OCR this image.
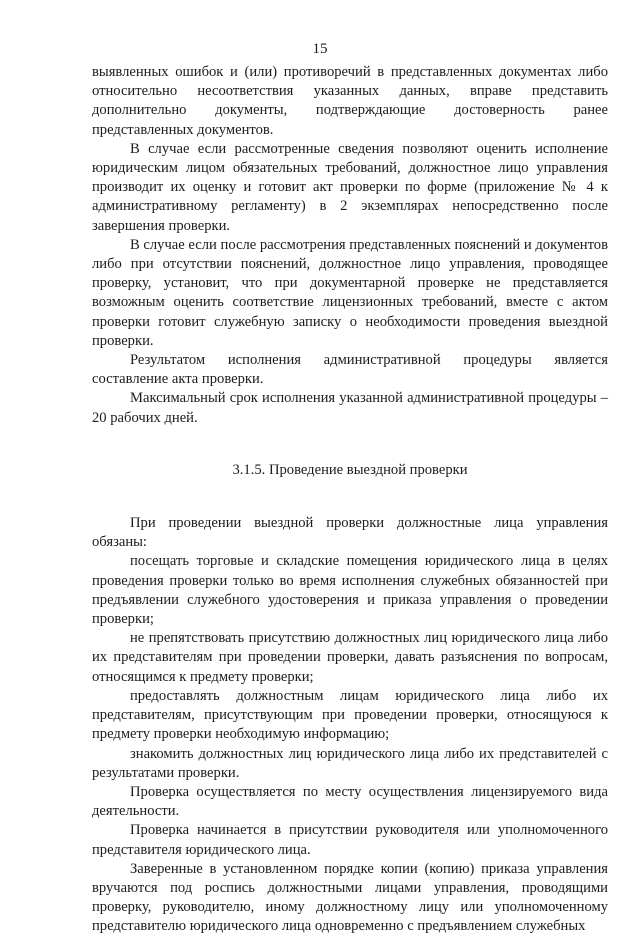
15

выявленных ошибок и (или) противоречий в представленных документах либо относительно несоответствия указанных данных, вправе представить дополнительно документы, подтверждающие достоверность ранее представленных документов.

В случае если рассмотренные сведения позволяют оценить исполнение юридическим лицом обязательных требований, должностное лицо управления производит их оценку и готовит акт проверки по форме (приложение № 4 к административному регламенту) в 2 экземплярах непосредственно после завершения проверки.

В случае если после рассмотрения представленных пояснений и документов либо при отсутствии пояснений, должностное лицо управления, проводящее проверку, установит, что при документарной проверке не представляется возможным оценить соответствие лицензионных требований, вместе с актом проверки готовит служебную записку о необходимости проведения выездной проверки.

Результатом исполнения административной процедуры является составление акта проверки.

Максимальный срок исполнения указанной административной процедуры – 20 рабочих дней.

3.1.5. Проведение выездной проверки

При проведении выездной проверки должностные лица управления обязаны:

посещать торговые и складские помещения юридического лица в целях проведения проверки только во время исполнения служебных обязанностей при предъявлении служебного удостоверения и приказа управления о проведении проверки;

не препятствовать присутствию должностных лиц юридического лица либо их представителям при проведении проверки, давать разъяснения по вопросам, относящимся к предмету проверки;

предоставлять должностным лицам юридического лица либо их представителям, присутствующим при проведении проверки, относящуюся к предмету проверки необходимую информацию;

знакомить должностных лиц юридического лица либо их представителей с результатами проверки.

Проверка осуществляется по месту осуществления лицензируемого вида деятельности.

Проверка начинается в присутствии руководителя или уполномоченного представителя юридического лица.

Заверенные в установленном порядке копии (копию) приказа управления вручаются под роспись должностными лицами управления, проводящими проверку, руководителю, иному должностному лицу или уполномоченному представителю юридического лица одновременно с предъявлением служебных
